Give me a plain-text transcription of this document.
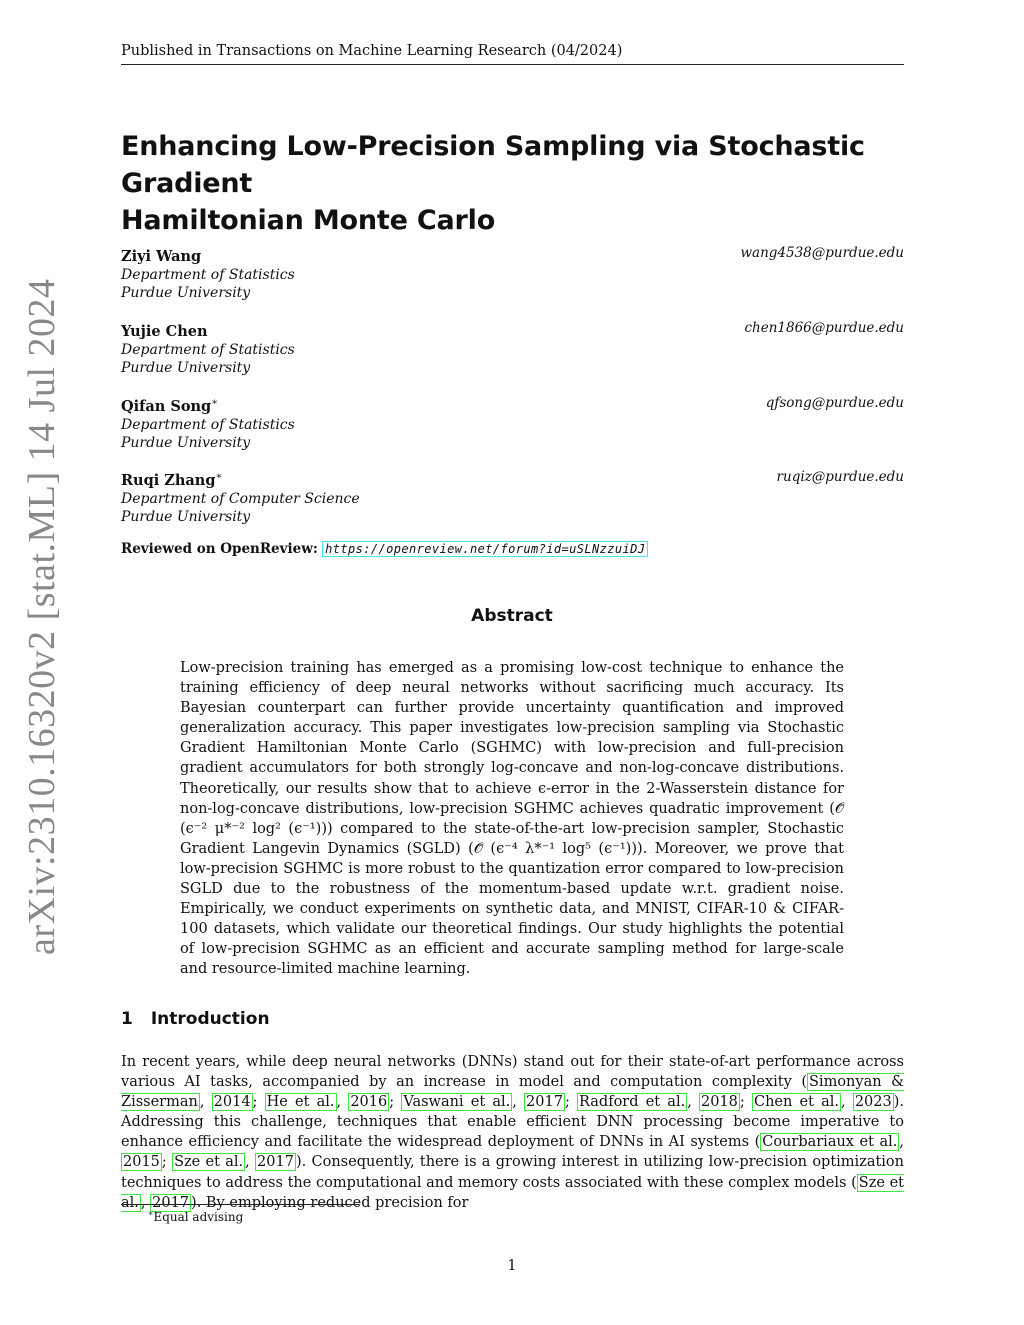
Published in Transactions on Machine Learning Research (04/2024)
arXiv:2310.16320v2 [stat.ML] 14 Jul 2024
Enhancing Low-Precision Sampling via Stochastic Gradient
Hamiltonian Monte Carlo
Ziyi Wang	wang4538@purdue.edu
Department of Statistics
Purdue University
Yujie Chen	chen1866@purdue.edu
Department of Statistics
Purdue University
Qifan Song∗	qfsong@purdue.edu
Department of Statistics
Purdue University
Ruqi Zhang∗	ruqiz@purdue.edu
Department of Computer Science
Purdue University
Reviewed on OpenReview: https://openreview.net/forum?id=uSLNzzuiDJ
Abstract
Low-precision training has emerged as a promising low-cost technique to enhance the training efficiency of deep neural networks without sacrificing much accuracy. Its Bayesian counterpart can further provide uncertainty quantification and improved generalization accuracy. This paper investigates low-precision sampling via Stochastic Gradient Hamiltonian Monte Carlo (SGHMC) with low-precision and full-precision gradient accumulators for both strongly log-concave and non-log-concave distributions. Theoretically, our results show that to achieve ϵ-error in the 2-Wasserstein distance for non-log-concave distributions, low-precision SGHMC achieves quadratic improvement (𝒪̃ (ϵ⁻² μ*⁻² log² (ϵ⁻¹))) compared to the state-of-the-art low-precision sampler, Stochastic Gradient Langevin Dynamics (SGLD) (𝒪̃ (ϵ⁻⁴ λ*⁻¹ log⁵ (ϵ⁻¹))). Moreover, we prove that low-precision SGHMC is more robust to the quantization error compared to low-precision SGLD due to the robustness of the momentum-based update w.r.t. gradient noise. Empirically, we conduct experiments on synthetic data, and MNIST, CIFAR-10 & CIFAR-100 datasets, which validate our theoretical findings. Our study highlights the potential of low-precision SGHMC as an efficient and accurate sampling method for large-scale and resource-limited machine learning.
1 Introduction
In recent years, while deep neural networks (DNNs) stand out for their state-of-art performance across various AI tasks, accompanied by an increase in model and computation complexity ( Simonyan & Zisserman , 2014 ; He et al. , 2016 ; Vaswani et al. , 2017 ; Radford et al. , 2018 ; Chen et al. , 2023 ). Addressing this challenge, techniques that enable efficient DNN processing become imperative to enhance efficiency and facilitate the widespread deployment of DNNs in AI systems ( Courbariaux et al. , 2015 ; Sze et al. , 2017 ). Consequently, there is a growing interest in utilizing low-precision optimization techniques to address the computational and memory costs associated with these complex models ( Sze et al. , 2017 ). By employing reduced precision for
∗Equal advising
1
